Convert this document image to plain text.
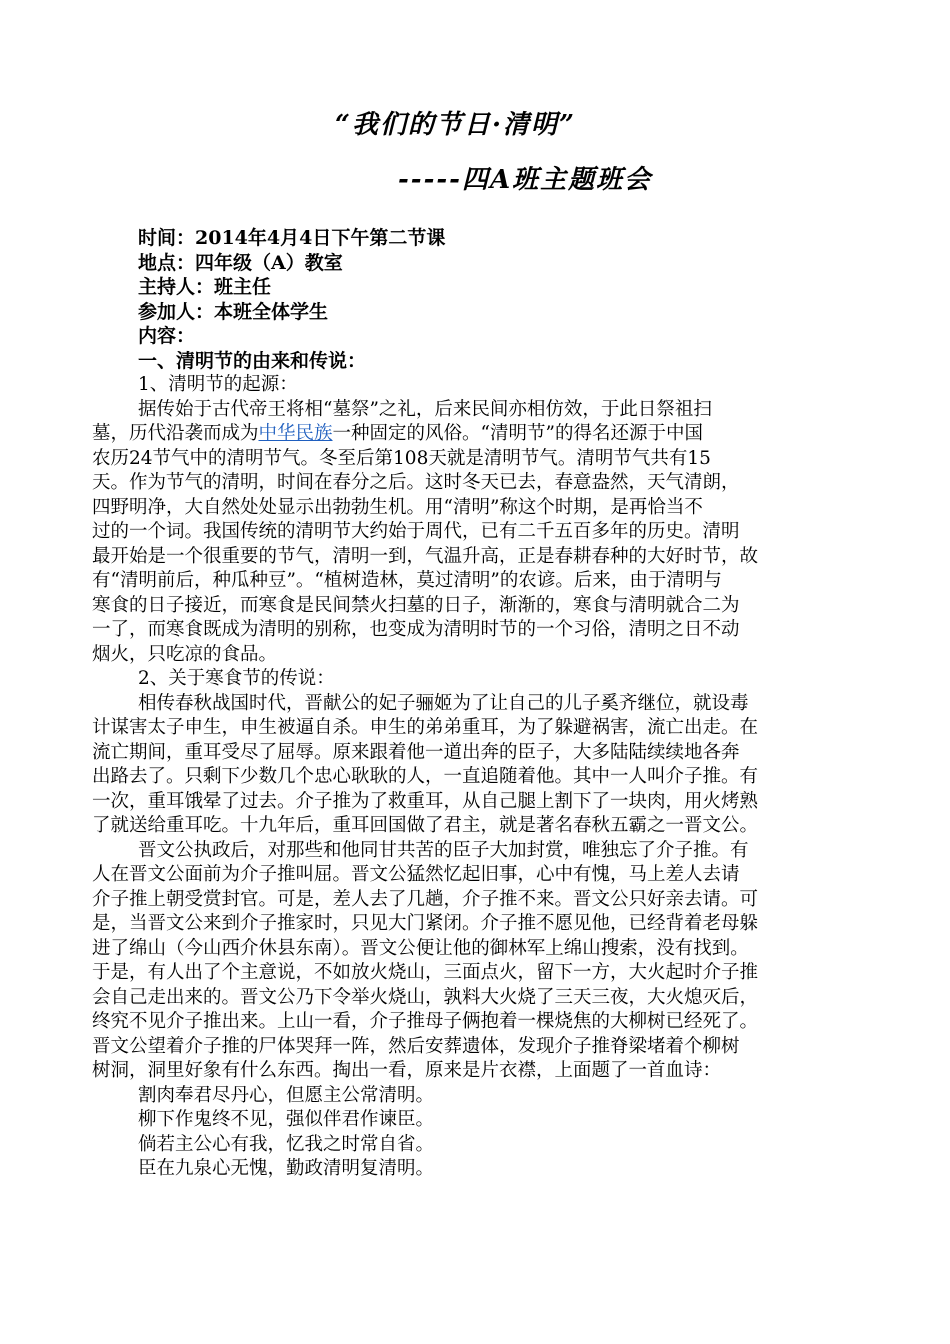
“我们的节日·清明”
-----四A班主题班会
时间：2014年4月4日下午第二节课
地点：四年级（A）教室
主持人：班主任
参加人：本班全体学生
内容：
一、清明节的由来和传说：
1、清明节的起源：
据传始于古代帝王将相“墓祭”之礼，后来民间亦相仿效，于此日祭祖扫
墓，历代沿袭而成为中华民族一种固定的风俗。“清明节”的得名还源于中国
农历24节气中的清明节气。冬至后第108天就是清明节气。清明节气共有15
天。作为节气的清明，时间在春分之后。这时冬天已去，春意盎然，天气清朗，
四野明净，大自然处处显示出勃勃生机。用“清明”称这个时期，是再恰当不
过的一个词。我国传统的清明节大约始于周代，已有二千五百多年的历史。清明
最开始是一个很重要的节气，清明一到，气温升高，正是春耕春种的大好时节，故
有“清明前后，种瓜种豆”。“植树造林，莫过清明”的农谚。后来，由于清明与
寒食的日子接近，而寒食是民间禁火扫墓的日子，渐渐的，寒食与清明就合二为
一了，而寒食既成为清明的别称，也变成为清明时节的一个习俗，清明之日不动
烟火，只吃凉的食品。
2、关于寒食节的传说：
相传春秋战国时代，晋献公的妃子骊姬为了让自己的儿子奚齐继位，就设毒
计谋害太子申生，申生被逼自杀。申生的弟弟重耳，为了躲避祸害，流亡出走。在
流亡期间，重耳受尽了屈辱。原来跟着他一道出奔的臣子，大多陆陆续续地各奔
出路去了。只剩下少数几个忠心耿耿的人，一直追随着他。其中一人叫介子推。有
一次，重耳饿晕了过去。介子推为了救重耳，从自己腿上割下了一块肉，用火烤熟
了就送给重耳吃。十九年后，重耳回国做了君主，就是著名春秋五霸之一晋文公。
晋文公执政后，对那些和他同甘共苦的臣子大加封赏，唯独忘了介子推。有
人在晋文公面前为介子推叫屈。晋文公猛然忆起旧事，心中有愧，马上差人去请
介子推上朝受赏封官。可是，差人去了几趟，介子推不来。晋文公只好亲去请。可
是，当晋文公来到介子推家时，只见大门紧闭。介子推不愿见他，已经背着老母躲
进了绵山（今山西介休县东南）。晋文公便让他的御林军上绵山搜索，没有找到。
于是，有人出了个主意说，不如放火烧山，三面点火，留下一方，大火起时介子推
会自己走出来的。晋文公乃下令举火烧山，孰料大火烧了三天三夜，大火熄灭后，
终究不见介子推出来。上山一看，介子推母子俩抱着一棵烧焦的大柳树已经死了。
晋文公望着介子推的尸体哭拜一阵，然后安葬遗体，发现介子推脊梁堵着个柳树
树洞，洞里好象有什么东西。掏出一看，原来是片衣襟，上面题了一首血诗：
割肉奉君尽丹心，但愿主公常清明。
柳下作鬼终不见，强似伴君作谏臣。
倘若主公心有我，忆我之时常自省。
臣在九泉心无愧，勤政清明复清明。
